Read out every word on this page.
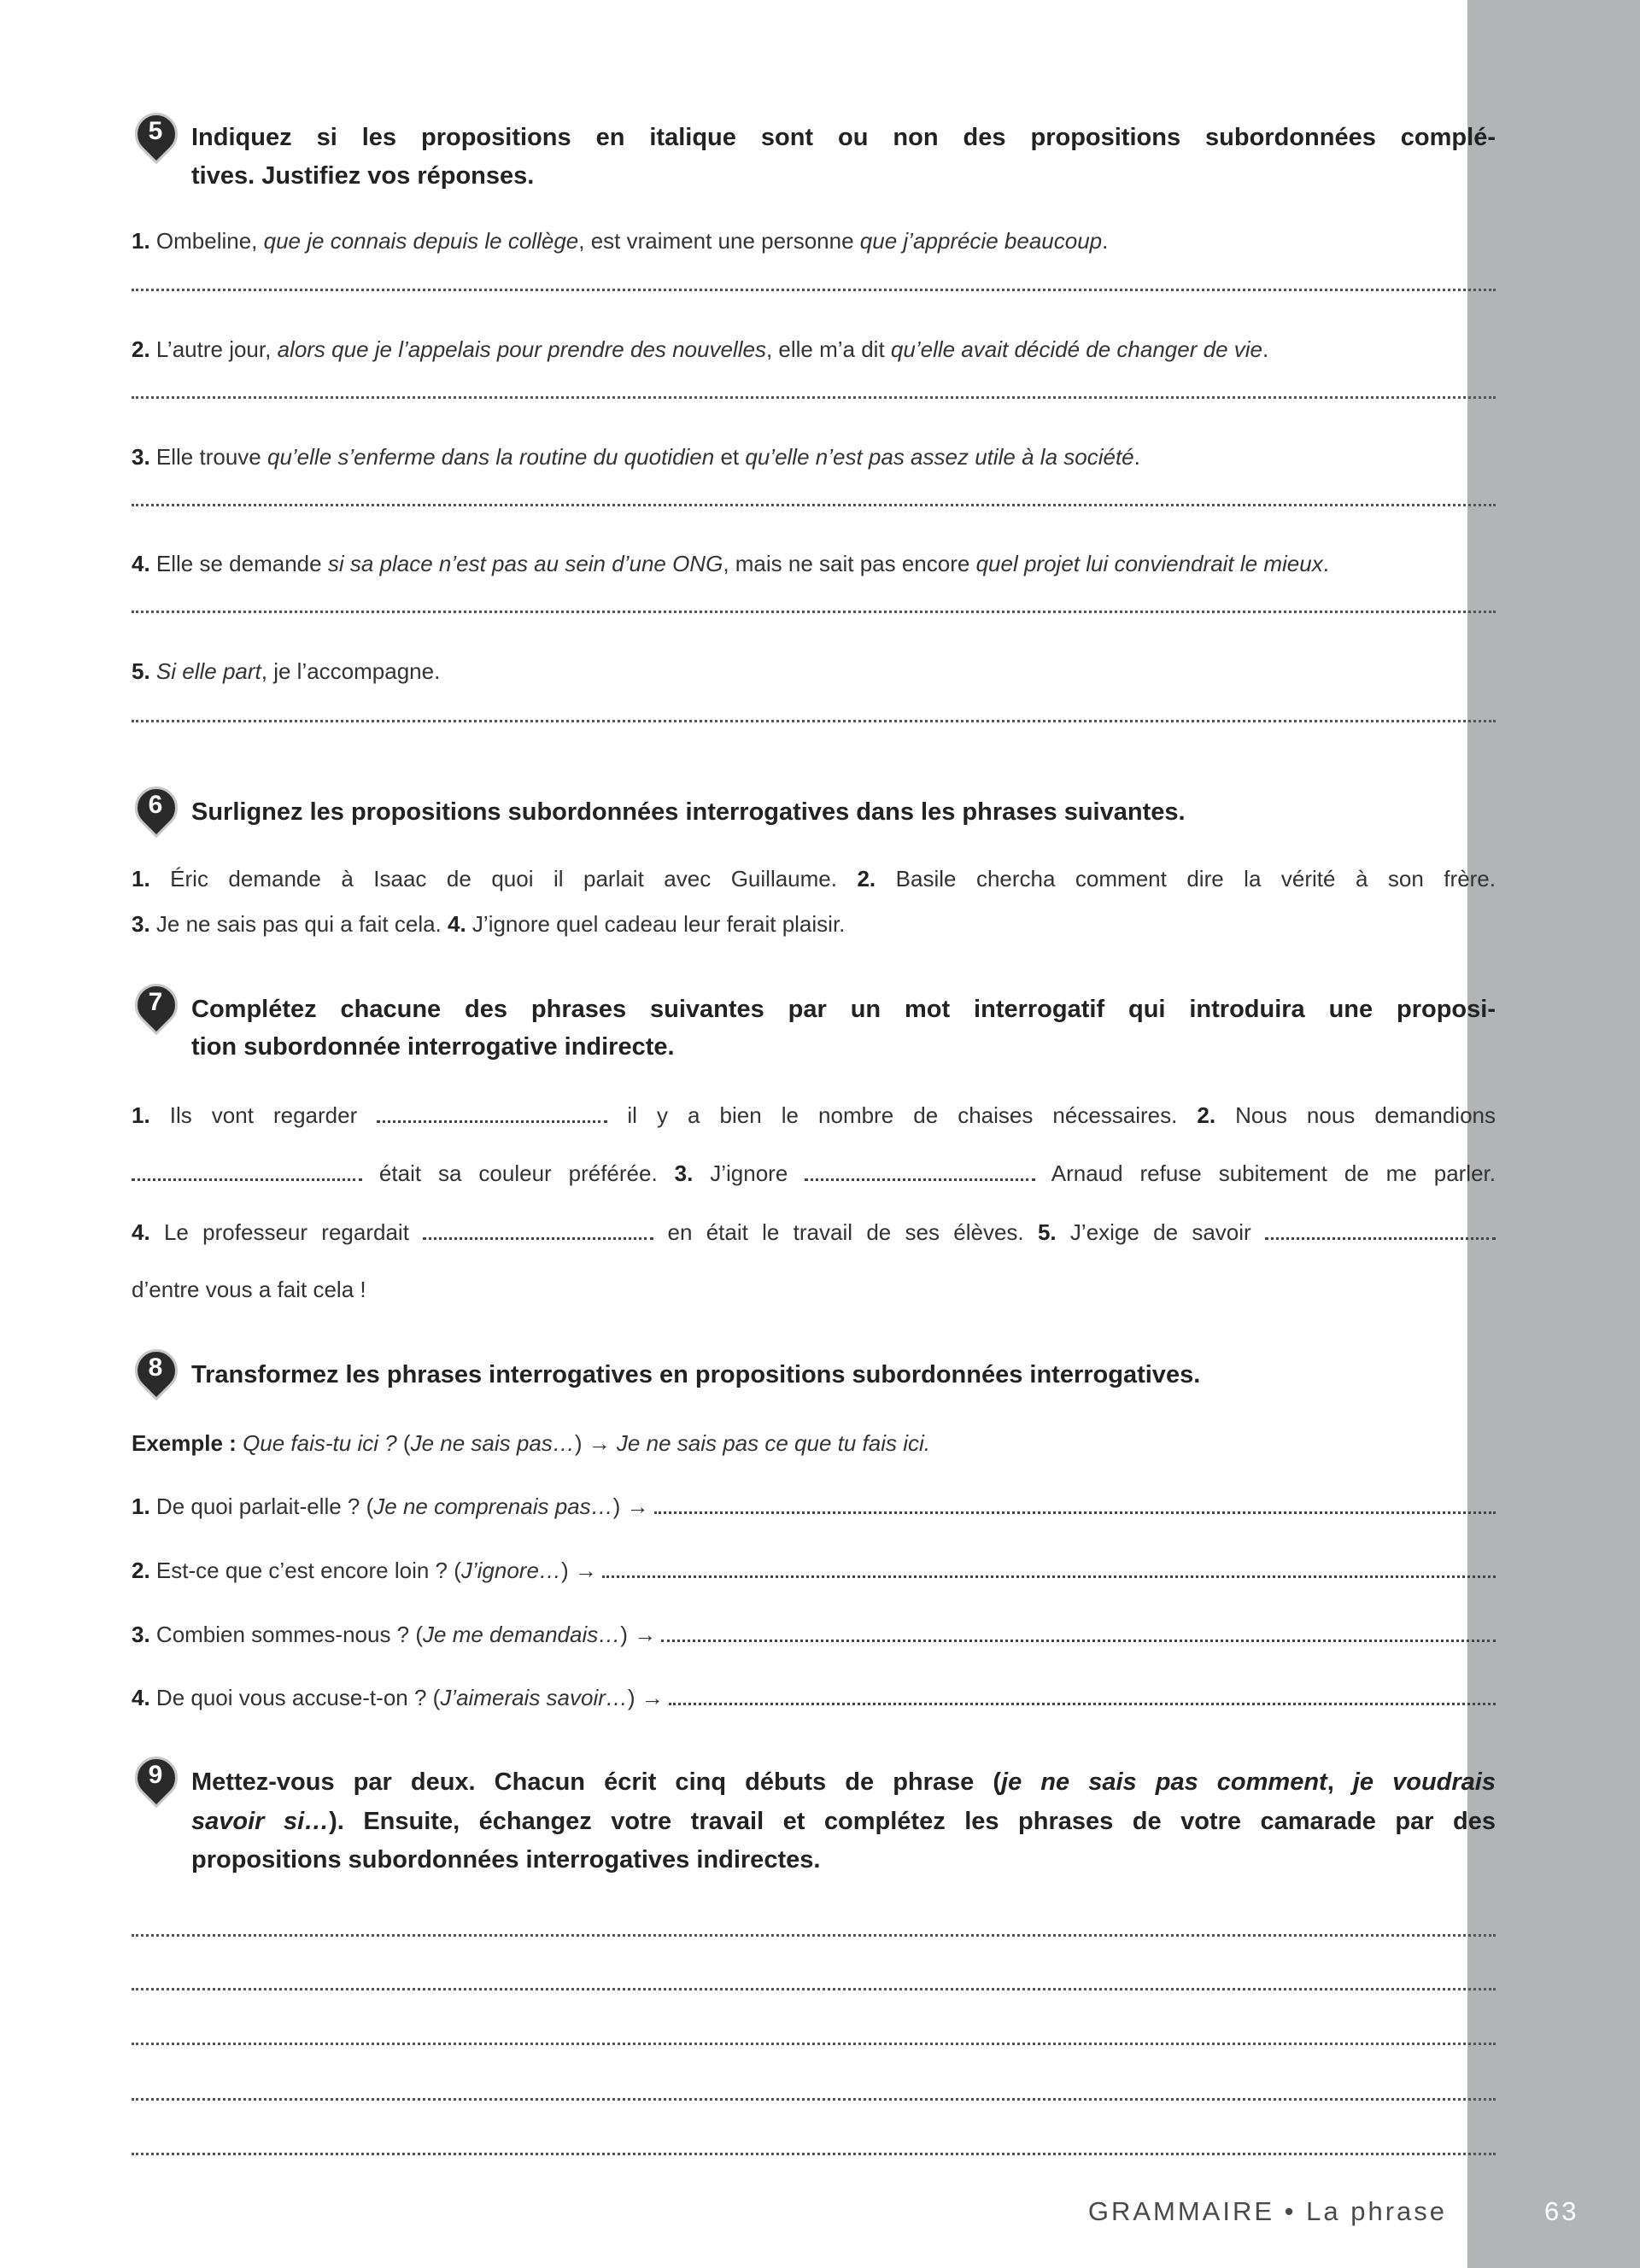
5	Indiquez si les propositions en italique sont ou non des propositions subordonnées complé-
tives. Justifiez vos réponses.
1. Ombeline, que je connais depuis le collège, est vraiment une personne que j’apprécie beaucoup.
2. L’autre jour, alors que je l’appelais pour prendre des nouvelles, elle m’a dit qu’elle avait décidé de changer de vie.
3. Elle trouve qu’elle s’enferme dans la routine du quotidien et qu’elle n’est pas assez utile à la société.
4. Elle se demande si sa place n’est pas au sein d’une ONG, mais ne sait pas encore quel projet lui conviendrait le mieux.
5. Si elle part, je l’accompagne.
6	Surlignez les propositions subordonnées interrogatives dans les phrases suivantes.
1. Éric demande à Isaac de quoi il parlait avec Guillaume. 2. Basile chercha comment dire la vérité à son frère.
3. Je ne sais pas qui a fait cela. 4. J’ignore quel cadeau leur ferait plaisir.
7	Complétez chacune des phrases suivantes par un mot interrogatif qui introduira une proposi-
tion subordonnée interrogative indirecte.
1. Ils vont regarder	il y a bien le nombre de chaises nécessaires. 2. Nous nous demandions
était sa couleur préférée. 3. J’ignore	Arnaud refuse subitement de me parler.
4. Le professeur regardait	en était le travail de ses élèves. 5. J’exige de savoir
d’entre vous a fait cela !
8	Transformez les phrases interrogatives en propositions subordonnées interrogatives.
Exemple : Que fais-tu ici ? (Je ne sais pas…) → Je ne sais pas ce que tu fais ici.
1. De quoi parlait-elle ? ( Je ne comprenais pas… ) →
2. Est-ce que c’est encore loin ? ( J’ignore… ) →
3. Combien sommes-nous ? ( Je me demandais… ) →
4. De quoi vous accuse-t-on ? ( J’aimerais savoir… ) →
9	Mettez-vous par deux. Chacun écrit cinq débuts de phrase (je ne sais pas comment, je voudrais
savoir si…). Ensuite, échangez votre travail et complétez les phrases de votre camarade par des
propositions subordonnées interrogatives indirectes.
GRAMMAIRE • La phrase	63
